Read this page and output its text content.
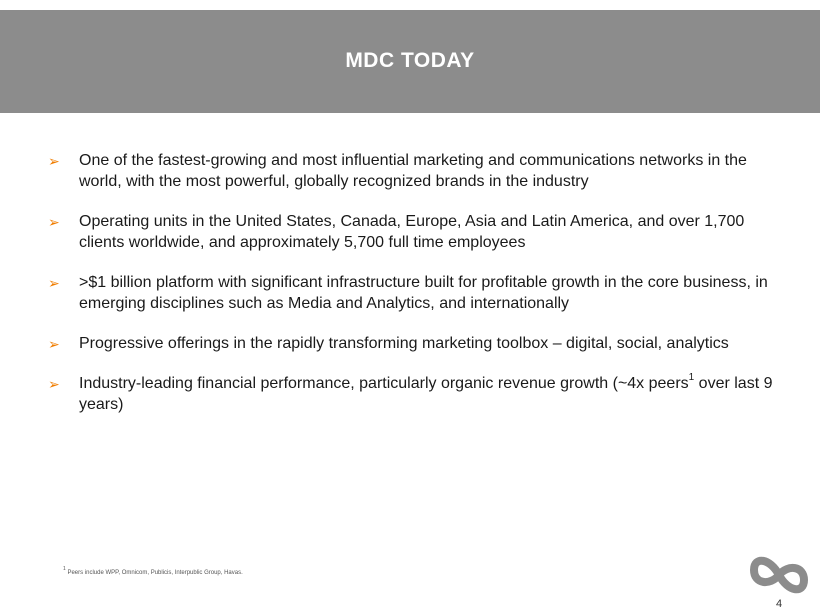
MDC TODAY
➢ One of the fastest-growing and most influential marketing and communications networks in the world, with the most powerful, globally recognized brands in the industry
➢ Operating units in the United States, Canada, Europe, Asia and Latin America, and over 1,700 clients worldwide, and approximately 5,700 full time employees
➢ >$1 billion platform with significant infrastructure built for profitable growth in the core business, in emerging disciplines such as Media and Analytics, and internationally
➢ Progressive offerings in the rapidly transforming marketing toolbox – digital, social, analytics
➢ Industry-leading financial performance, particularly organic revenue growth (~4x peers$^1$ over last 9 years)
$^1$ Peers include WPP, Omnicom, Publicis, Interpublic Group, Havas.
4
